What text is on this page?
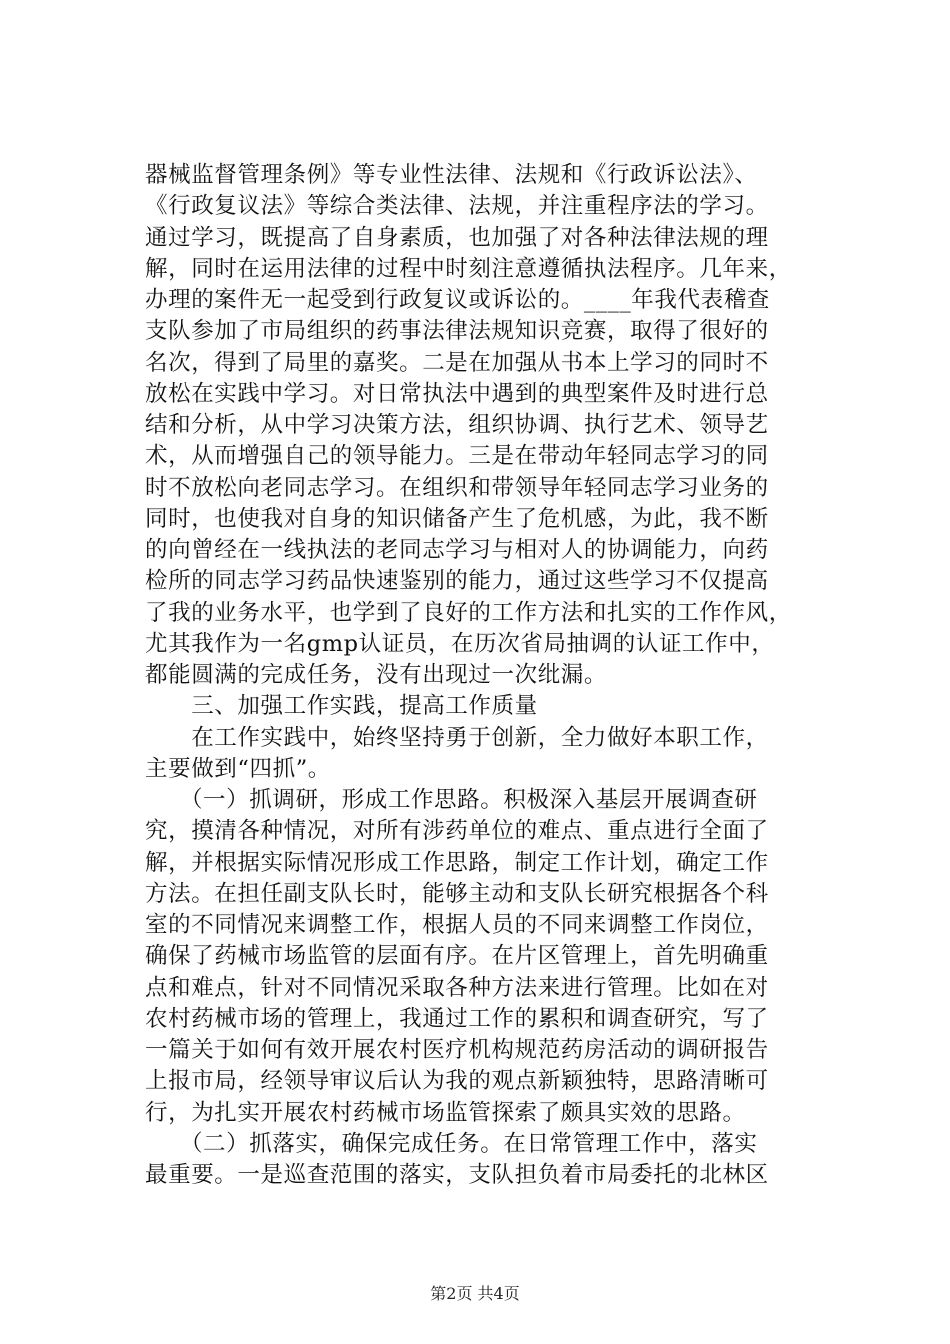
器械监督管理条例》等专业性法律、法规和《行政诉讼法》、
《行政复议法》等综合类法律、法规，并注重程序法的学习。
通过学习，既提高了自身素质，也加强了对各种法律法规的理
解，同时在运用法律的过程中时刻注意遵循执法程序。几年来，
办理的案件无一起受到行政复议或诉讼的。____年我代表稽查
支队参加了市局组织的药事法律法规知识竞赛，取得了很好的
名次，得到了局里的嘉奖。二是在加强从书本上学习的同时不
放松在实践中学习。对日常执法中遇到的典型案件及时进行总
结和分析，从中学习决策方法，组织协调、执行艺术、领导艺
术，从而增强自己的领导能力。三是在带动年轻同志学习的同
时不放松向老同志学习。在组织和带领导年轻同志学习业务的
同时，也使我对自身的知识储备产生了危机感，为此，我不断
的向曾经在一线执法的老同志学习与相对人的协调能力，向药
检所的同志学习药品快速鉴别的能力，通过这些学习不仅提高
了我的业务水平，也学到了良好的工作方法和扎实的工作作风，
尤其我作为一名gmp认证员，在历次省局抽调的认证工作中，
都能圆满的完成任务，没有出现过一次纰漏。
　　三、加强工作实践，提高工作质量
　　在工作实践中，始终坚持勇于创新，全力做好本职工作，
主要做到“四抓”。
　　（一）抓调研，形成工作思路。积极深入基层开展调查研
究，摸清各种情况，对所有涉药单位的难点、重点进行全面了
解，并根据实际情况形成工作思路，制定工作计划，确定工作
方法。在担任副支队长时，能够主动和支队长研究根据各个科
室的不同情况来调整工作，根据人员的不同来调整工作岗位，
确保了药械市场监管的层面有序。在片区管理上，首先明确重
点和难点，针对不同情况采取各种方法来进行管理。比如在对
农村药械市场的管理上，我通过工作的累积和调查研究，写了
一篇关于如何有效开展农村医疗机构规范药房活动的调研报告
上报市局，经领导审议后认为我的观点新颖独特，思路清晰可
行，为扎实开展农村药械市场监管探索了颇具实效的思路。
　　（二）抓落实，确保完成任务。在日常管理工作中，落实
最重要。一是巡查范围的落实，支队担负着市局委托的北林区
第2页 共4页
